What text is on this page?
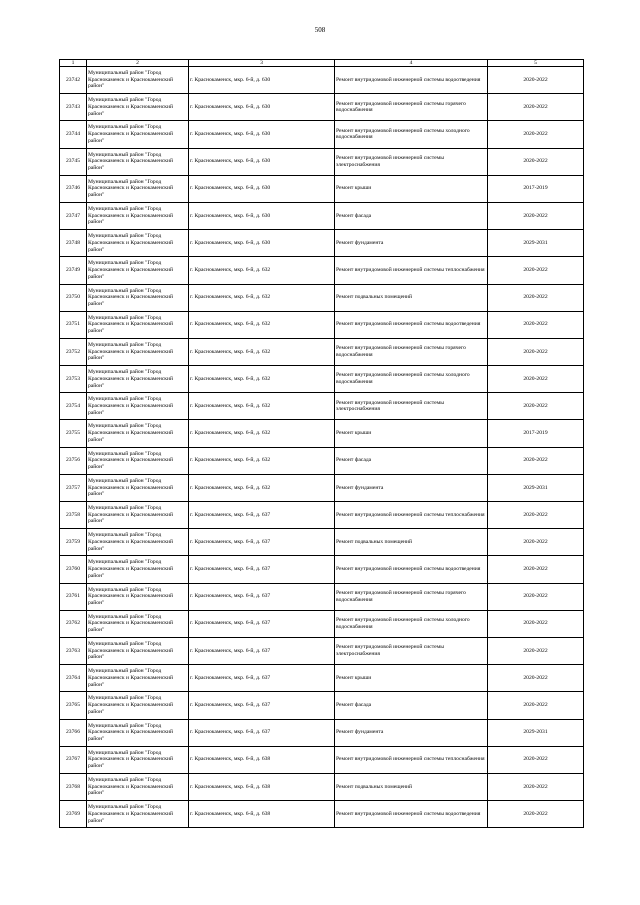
508
1	2	3	4	5
23742	Муниципальный район "Город Краснокаменск и Краснокаменский район"	г. Краснокаменск, мкр. 6-й, д. 630	Ремонт внутридомовой инженерной системы водоотведения	2020-2022
23743	Муниципальный район "Город Краснокаменск и Краснокаменский район"	г. Краснокаменск, мкр. 6-й, д. 630	Ремонт внутридомовой инженерной системы горячего водоснабжения	2020-2022
23744	Муниципальный район "Город Краснокаменск и Краснокаменский район"	г. Краснокаменск, мкр. 6-й, д. 630	Ремонт внутридомовой инженерной системы холодного водоснабжения	2020-2022
23745	Муниципальный район "Город Краснокаменск и Краснокаменский район"	г. Краснокаменск, мкр. 6-й, д. 630	Ремонт внутридомовой инженерной системы электроснабжения	2020-2022
23746	Муниципальный район "Город Краснокаменск и Краснокаменский район"	г. Краснокаменск, мкр. 6-й, д. 630	Ремонт крыши	2017-2019
23747	Муниципальный район "Город Краснокаменск и Краснокаменский район"	г. Краснокаменск, мкр. 6-й, д. 630	Ремонт фасада	2020-2022
23748	Муниципальный район "Город Краснокаменск и Краснокаменский район"	г. Краснокаменск, мкр. 6-й, д. 630	Ремонт фундамента	2029-2031
23749	Муниципальный район "Город Краснокаменск и Краснокаменский район"	г. Краснокаменск, мкр. 6-й, д. 632	Ремонт внутридомовой инженерной системы теплоснабжения	2020-2022
23750	Муниципальный район "Город Краснокаменск и Краснокаменский район"	г. Краснокаменск, мкр. 6-й, д. 632	Ремонт подвальных помещений	2020-2022
23751	Муниципальный район "Город Краснокаменск и Краснокаменский район"	г. Краснокаменск, мкр. 6-й, д. 632	Ремонт внутридомовой инженерной системы водоотведения	2020-2022
23752	Муниципальный район "Город Краснокаменск и Краснокаменский район"	г. Краснокаменск, мкр. 6-й, д. 632	Ремонт внутридомовой инженерной системы горячего водоснабжения	2020-2022
23753	Муниципальный район "Город Краснокаменск и Краснокаменский район"	г. Краснокаменск, мкр. 6-й, д. 632	Ремонт внутридомовой инженерной системы холодного водоснабжения	2020-2022
23754	Муниципальный район "Город Краснокаменск и Краснокаменский район"	г. Краснокаменск, мкр. 6-й, д. 632	Ремонт внутридомовой инженерной системы электроснабжения	2020-2022
23755	Муниципальный район "Город Краснокаменск и Краснокаменский район"	г. Краснокаменск, мкр. 6-й, д. 632	Ремонт крыши	2017-2019
23756	Муниципальный район "Город Краснокаменск и Краснокаменский район"	г. Краснокаменск, мкр. 6-й, д. 632	Ремонт фасада	2020-2022
23757	Муниципальный район "Город Краснокаменск и Краснокаменский район"	г. Краснокаменск, мкр. 6-й, д. 632	Ремонт фундамента	2029-2031
23758	Муниципальный район "Город Краснокаменск и Краснокаменский район"	г. Краснокаменск, мкр. 6-й, д. 637	Ремонт внутридомовой инженерной системы теплоснабжения	2020-2022
23759	Муниципальный район "Город Краснокаменск и Краснокаменский район"	г. Краснокаменск, мкр. 6-й, д. 637	Ремонт подвальных помещений	2020-2022
23760	Муниципальный район "Город Краснокаменск и Краснокаменский район"	г. Краснокаменск, мкр. 6-й, д. 637	Ремонт внутридомовой инженерной системы водоотведения	2020-2022
23761	Муниципальный район "Город Краснокаменск и Краснокаменский район"	г. Краснокаменск, мкр. 6-й, д. 637	Ремонт внутридомовой инженерной системы горячего водоснабжения	2020-2022
23762	Муниципальный район "Город Краснокаменск и Краснокаменский район"	г. Краснокаменск, мкр. 6-й, д. 637	Ремонт внутридомовой инженерной системы холодного водоснабжения	2020-2022
23763	Муниципальный район "Город Краснокаменск и Краснокаменский район"	г. Краснокаменск, мкр. 6-й, д. 637	Ремонт внутридомовой инженерной системы электроснабжения	2020-2022
23764	Муниципальный район "Город Краснокаменск и Краснокаменский район"	г. Краснокаменск, мкр. 6-й, д. 637	Ремонт крыши	2020-2022
23765	Муниципальный район "Город Краснокаменск и Краснокаменский район"	г. Краснокаменск, мкр. 6-й, д. 637	Ремонт фасада	2020-2022
23766	Муниципальный район "Город Краснокаменск и Краснокаменский район"	г. Краснокаменск, мкр. 6-й, д. 637	Ремонт фундамента	2029-2031
23767	Муниципальный район "Город Краснокаменск и Краснокаменский район"	г. Краснокаменск, мкр. 6-й, д. 638	Ремонт внутридомовой инженерной системы теплоснабжения	2020-2022
23768	Муниципальный район "Город Краснокаменск и Краснокаменский район"	г. Краснокаменск, мкр. 6-й, д. 638	Ремонт подвальных помещений	2020-2022
23769	Муниципальный район "Город Краснокаменск и Краснокаменский район"	г. Краснокаменск, мкр. 6-й, д. 638	Ремонт внутридомовой инженерной системы водоотведения	2020-2022
